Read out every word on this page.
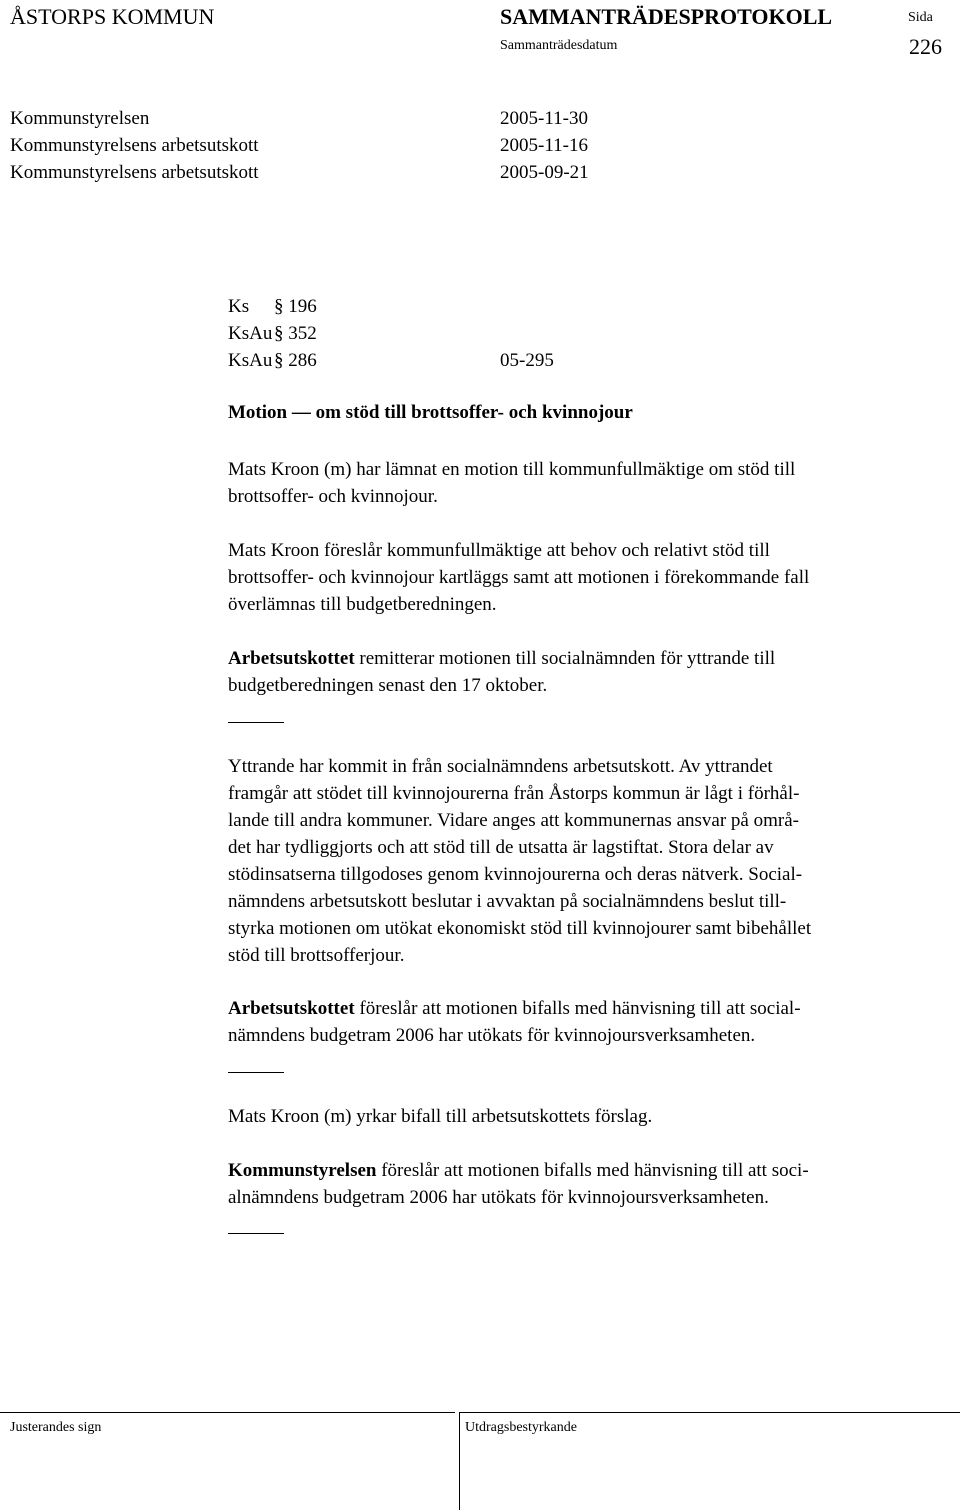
ÅSTORPS KOMMUN	SAMMANTRÄDESPROTOKOLL	Sida
Sammanträdesdatum	226
Kommunstyrelsen	2005-11-30
Kommunstyrelsens arbetsutskott	2005-11-16
Kommunstyrelsens arbetsutskott	2005-09-21
Ks § 196
KsAu§ 352
KsAu§ 286	05-295
Motion — om stöd till brottsoffer- och kvinnojour
Mats Kroon (m) har lämnat en motion till kommunfullmäktige om stöd till
brottsoffer- och kvinnojour.
Mats Kroon föreslår kommunfullmäktige att behov och relativt stöd till
brottsoffer- och kvinnojour kartläggs samt att motionen i förekommande fall
överlämnas till budgetberedningen.
Arbetsutskottet remitterar motionen till socialnämnden för yttrande till
budgetberedningen senast den 17 oktober.
Yttrande har kommit in från socialnämndens arbetsutskott. Av yttrandet
framgår att stödet till kvinnojourerna från Åstorps kommun är lågt i förhål-
lande till andra kommuner. Vidare anges att kommunernas ansvar på områ-
det har tydliggjorts och att stöd till de utsatta är lagstiftat. Stora delar av
stödinsatserna tillgodoses genom kvinnojourerna och deras nätverk. Social-
nämndens arbetsutskott beslutar i avvaktan på socialnämndens beslut till-
styrka motionen om utökat ekonomiskt stöd till kvinnojourer samt bibehållet
stöd till brottsofferjour.
Arbetsutskottet föreslår att motionen bifalls med hänvisning till att social-
nämndens budgetram 2006 har utökats för kvinnojoursverksamheten.
Mats Kroon (m) yrkar bifall till arbetsutskottets förslag.
Kommunstyrelsen föreslår att motionen bifalls med hänvisning till att soci-
alnämndens budgetram 2006 har utökats för kvinnojoursverksamheten.
Justerandes sign	Utdragsbestyrkande
